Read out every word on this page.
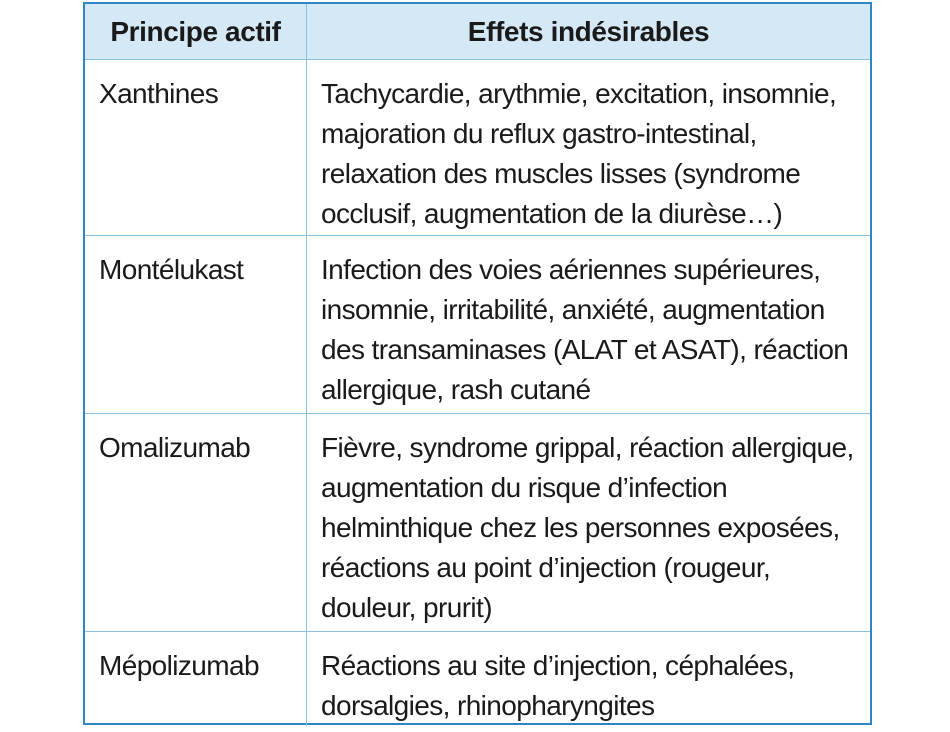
Principe actif	Effets indésirables
Xanthines	Tachycardie, arythmie, excitation, insomnie,
majoration du reflux gastro-intestinal,
relaxation des muscles lisses (syndrome
occlusif, augmentation de la diurèse…)
Montélukast	Infection des voies aériennes supérieures,
insomnie, irritabilité, anxiété, augmentation
des transaminases (ALAT et ASAT), réaction
allergique, rash cutané
Omalizumab	Fièvre, syndrome grippal, réaction allergique,
augmentation du risque d’infection
helminthique chez les personnes exposées,
réactions au point d’injection (rougeur,
douleur, prurit)
Mépolizumab	Réactions au site d’injection, céphalées,
dorsalgies, rhinopharyngites
